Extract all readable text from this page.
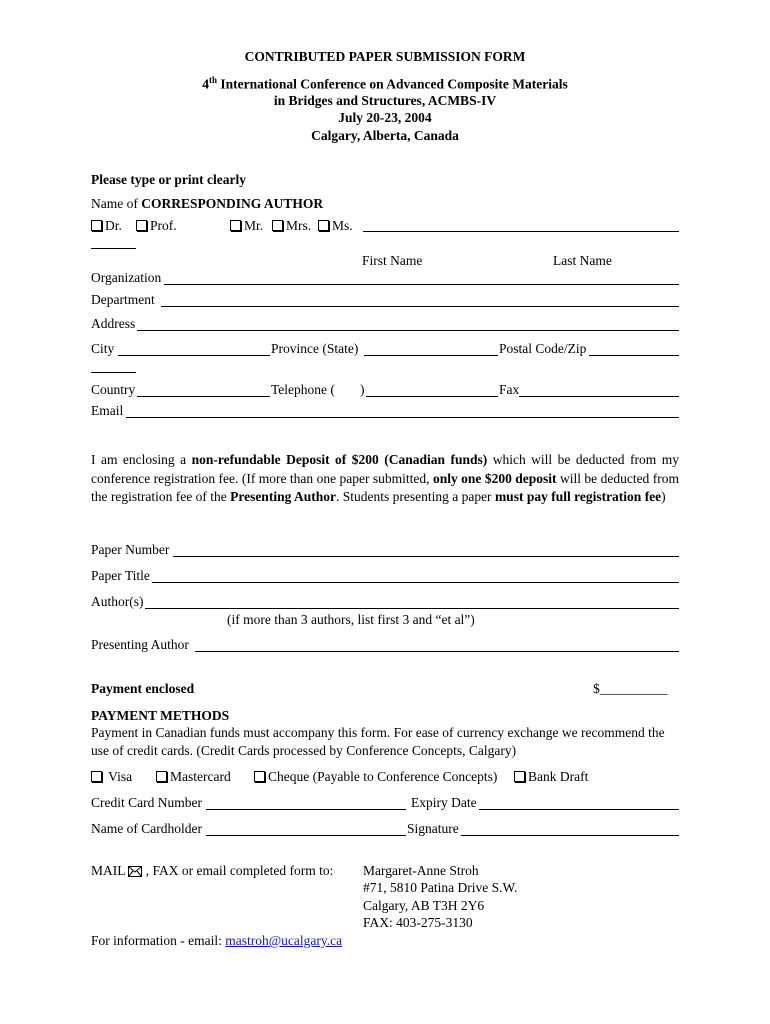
CONTRIBUTED PAPER SUBMISSION FORM
4th International Conference on Advanced Composite Materials
in Bridges and Structures, ACMBS-IV
July 20-23, 2004
Calgary, Alberta, Canada
Please type or print clearly
Name of CORRESPONDING AUTHOR
Dr.	Prof.	Mr.	Mrs.	Ms.
First Name	Last Name
Organization
Department
Address
City	Province (State)	Postal Code/Zip
Country	Telephone ( )	Fax
Email
I am enclosing a non-refundable Deposit of $200 (Canadian funds) which will be deducted from my conference registration fee. (If more than one paper submitted, only one $200 deposit will be deducted from the registration fee of the Presenting Author. Students presenting a paper must pay full registration fee)
Paper Number
Paper Title
Author(s)
(if more than 3 authors, list first 3 and “et al”)
Presenting Author
Payment enclosed	$__________
PAYMENT METHODS
Payment in Canadian funds must accompany this form. For ease of currency exchange we recommend the use of credit cards. (Credit Cards processed by Conference Concepts, Calgary)
Visa	Mastercard	Cheque (Payable to Conference Concepts)	Bank Draft
Credit Card Number	Expiry Date
Name of Cardholder	Signature
MAIL  , FAX or email completed form to: Margaret-Anne Stroh
#71, 5810 Patina Drive S.W.
Calgary, AB T3H 2Y6
FAX: 403-275-3130
For information - email: mastroh@ucalgary.ca
